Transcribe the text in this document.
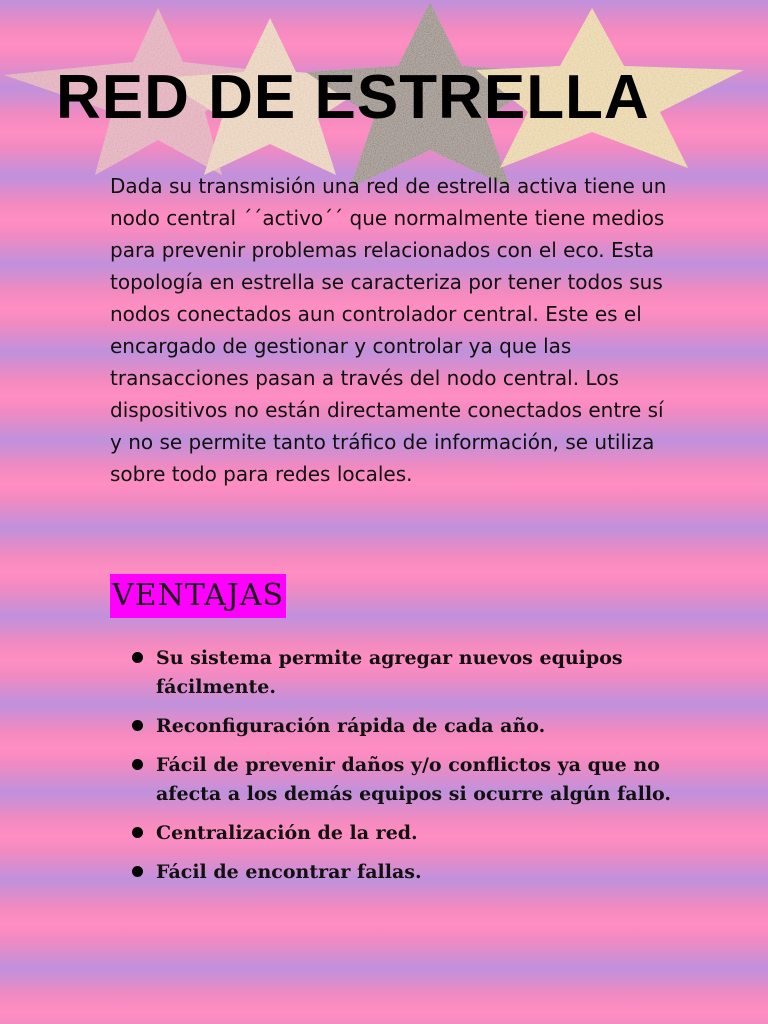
RED DE ESTRELLA

Dada su transmisión una red de estrella activa tiene un nodo central ´´activo´´ que normalmente tiene medios para prevenir problemas relacionados con el eco. Esta topología en estrella se caracteriza por tener todos sus nodos conectados aun controlador central. Este es el encargado de gestionar y controlar ya que las transacciones pasan a través del nodo central. Los dispositivos no están directamente conectados entre sí y no se permite tanto tráfico de información, se utiliza sobre todo para redes locales.

VENTAJAS
Su sistema permite agregar nuevos equipos fácilmente.
Reconfiguración rápida de cada año.
Fácil de prevenir daños y/o conflictos ya que no afecta a los demás equipos si ocurre algún fallo.
Centralización de la red.
Fácil de encontrar fallas.
